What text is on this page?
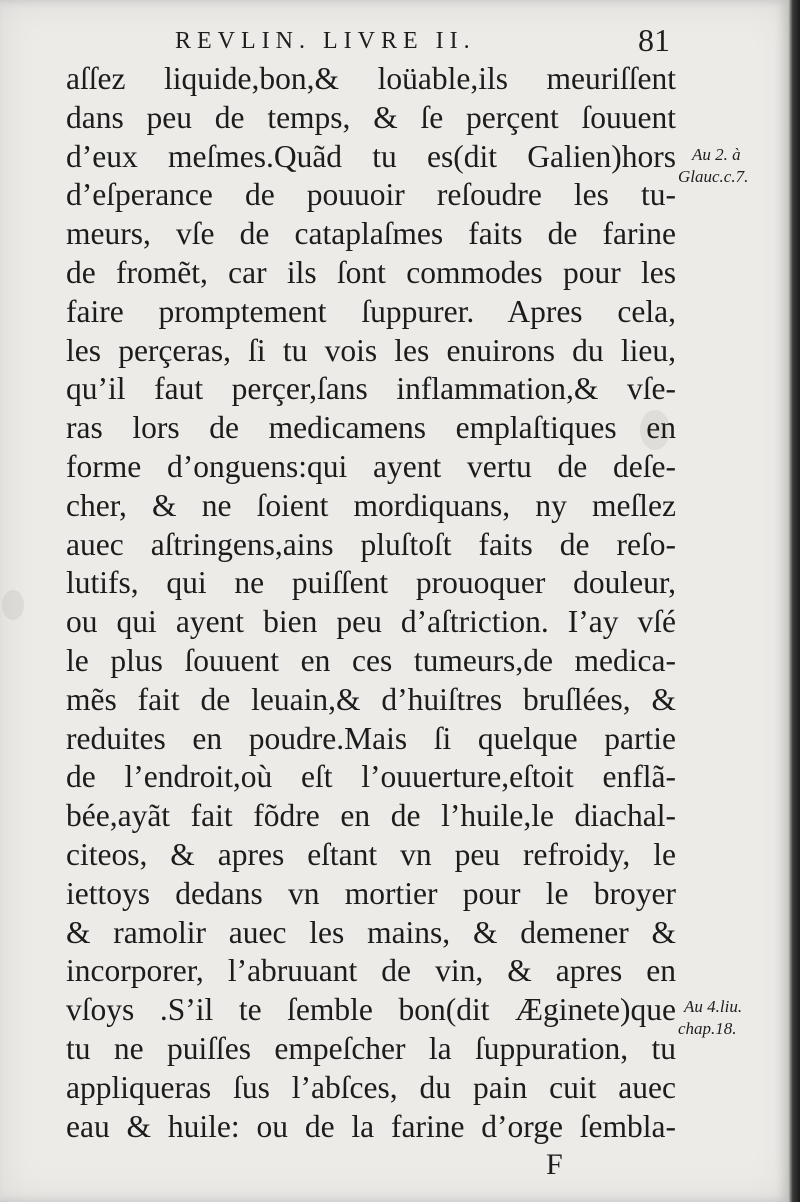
REVLIN. LIVRE II.	81
aſſez liquide,bon,& loüable,ils meuriſſent
dans peu de temps, & ſe perçent ſouuent
d’eux meſmes.Quãd tu es(dit Galien)hors
d’eſperance de pouuoir reſoudre les tu-
meurs, vſe de cataplaſmes faits de farine
de fromẽt, car ils ſont commodes pour les
faire promptement ſuppurer. Apres cela,
les perçeras, ſi tu vois les enuirons du lieu,
qu’il faut perçer,ſans inflammation,& vſe-
ras lors de medicamens emplaſtiques en
forme d’onguens:qui ayent vertu de deſe-
cher, & ne ſoient mordiquans, ny meſlez
auec aſtringens,ains pluſtoſt faits de reſo-
lutifs, qui ne puiſſent prouoquer douleur,
ou qui ayent bien peu d’aſtriction. I’ay vſé
le plus ſouuent en ces tumeurs,de medica-
mẽs fait de leuain,& d’huiſtres bruſlées, &
reduites en poudre.Mais ſi quelque partie
de l’endroit,où eſt l’ouuerture,eſtoit enflã-
bée,ayãt fait fõdre en de l’huile,le diachal-
citeos, & apres eſtant vn peu refroidy, le
iettoys dedans vn mortier pour le broyer
& ramolir auec les mains, & demener &
incorporer, l’abruuant de vin, & apres en
vſoys .S’il te ſemble bon(dit Æginete)que
tu ne puiſſes empeſcher la ſuppuration, tu
appliqueras ſus l’abſces, du pain cuit auec
eau & huile: ou de la farine d’orge ſembla-
Au 2. à
Glauc.c.7.
Au 4.liu.
chap.18.
F
